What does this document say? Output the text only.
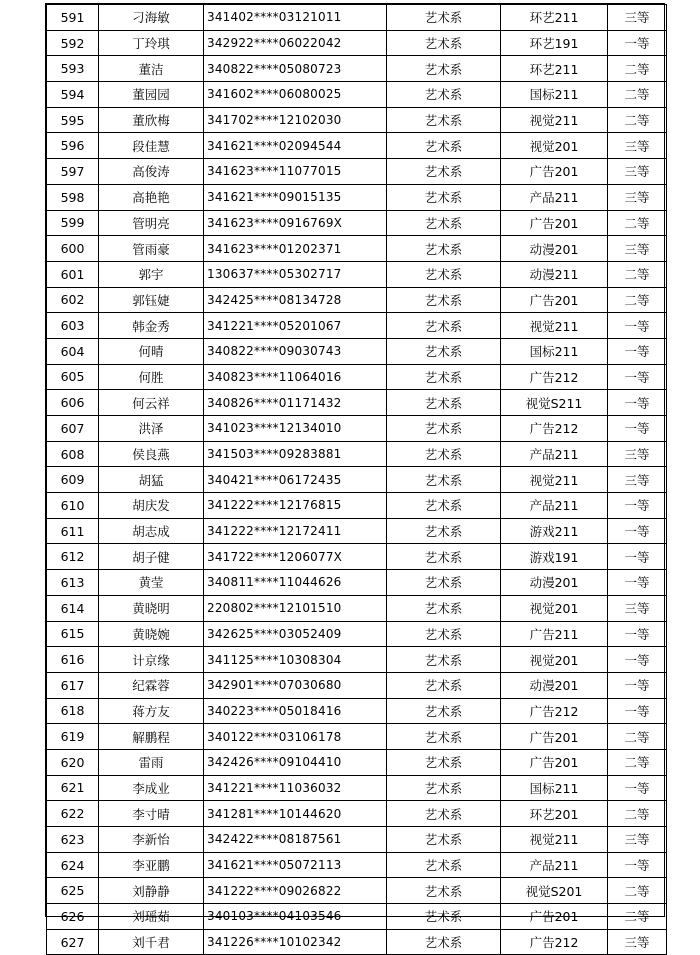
591	刁海敏	341402****03121011	艺术系	环艺211	三等
592	丁玲琪	342922****06022042	艺术系	环艺191	一等
593	董洁	340822****05080723	艺术系	环艺211	二等
594	董园园	341602****06080025	艺术系	国标211	二等
595	董欣梅	341702****12102030	艺术系	视觉211	二等
596	段佳慧	341621****02094544	艺术系	视觉201	三等
597	高俊涛	341623****11077015	艺术系	广告201	三等
598	高艳艳	341621****09015135	艺术系	产品211	三等
599	管明亮	341623****0916769X	艺术系	广告201	二等
600	管雨豪	341623****01202371	艺术系	动漫201	三等
601	郭宇	130637****05302717	艺术系	动漫211	二等
602	郭钰婕	342425****08134728	艺术系	广告201	二等
603	韩金秀	341221****05201067	艺术系	视觉211	一等
604	何晴	340822****09030743	艺术系	国标211	一等
605	何胜	340823****11064016	艺术系	广告212	一等
606	何云祥	340826****01171432	艺术系	视觉S211	一等
607	洪泽	341023****12134010	艺术系	广告212	一等
608	侯良燕	341503****09283881	艺术系	产品211	三等
609	胡猛	340421****06172435	艺术系	视觉211	三等
610	胡庆发	341222****12176815	艺术系	产品211	一等
611	胡志成	341222****12172411	艺术系	游戏211	一等
612	胡子健	341722****1206077X	艺术系	游戏191	一等
613	黄莹	340811****11044626	艺术系	动漫201	一等
614	黄晓明	220802****12101510	艺术系	视觉201	三等
615	黄晓婉	342625****03052409	艺术系	广告211	一等
616	计京缘	341125****10308304	艺术系	视觉201	一等
617	纪霖蓉	342901****07030680	艺术系	动漫201	一等
618	蒋方友	340223****05018416	艺术系	广告212	一等
619	解鹏程	340122****03106178	艺术系	广告201	二等
620	雷雨	342426****09104410	艺术系	广告201	二等
621	李成业	341221****11036032	艺术系	国标211	一等
622	李寸晴	341281****10144620	艺术系	环艺201	二等
623	李新怡	342422****08187561	艺术系	视觉211	三等
624	李亚鹏	341621****05072113	艺术系	产品211	一等
625	刘静静	341222****09026822	艺术系	视觉S201	二等
626	刘瑶茹	340103****04103546	艺术系	广告201	二等
627	刘千君	341226****10102342	艺术系	广告212	三等
